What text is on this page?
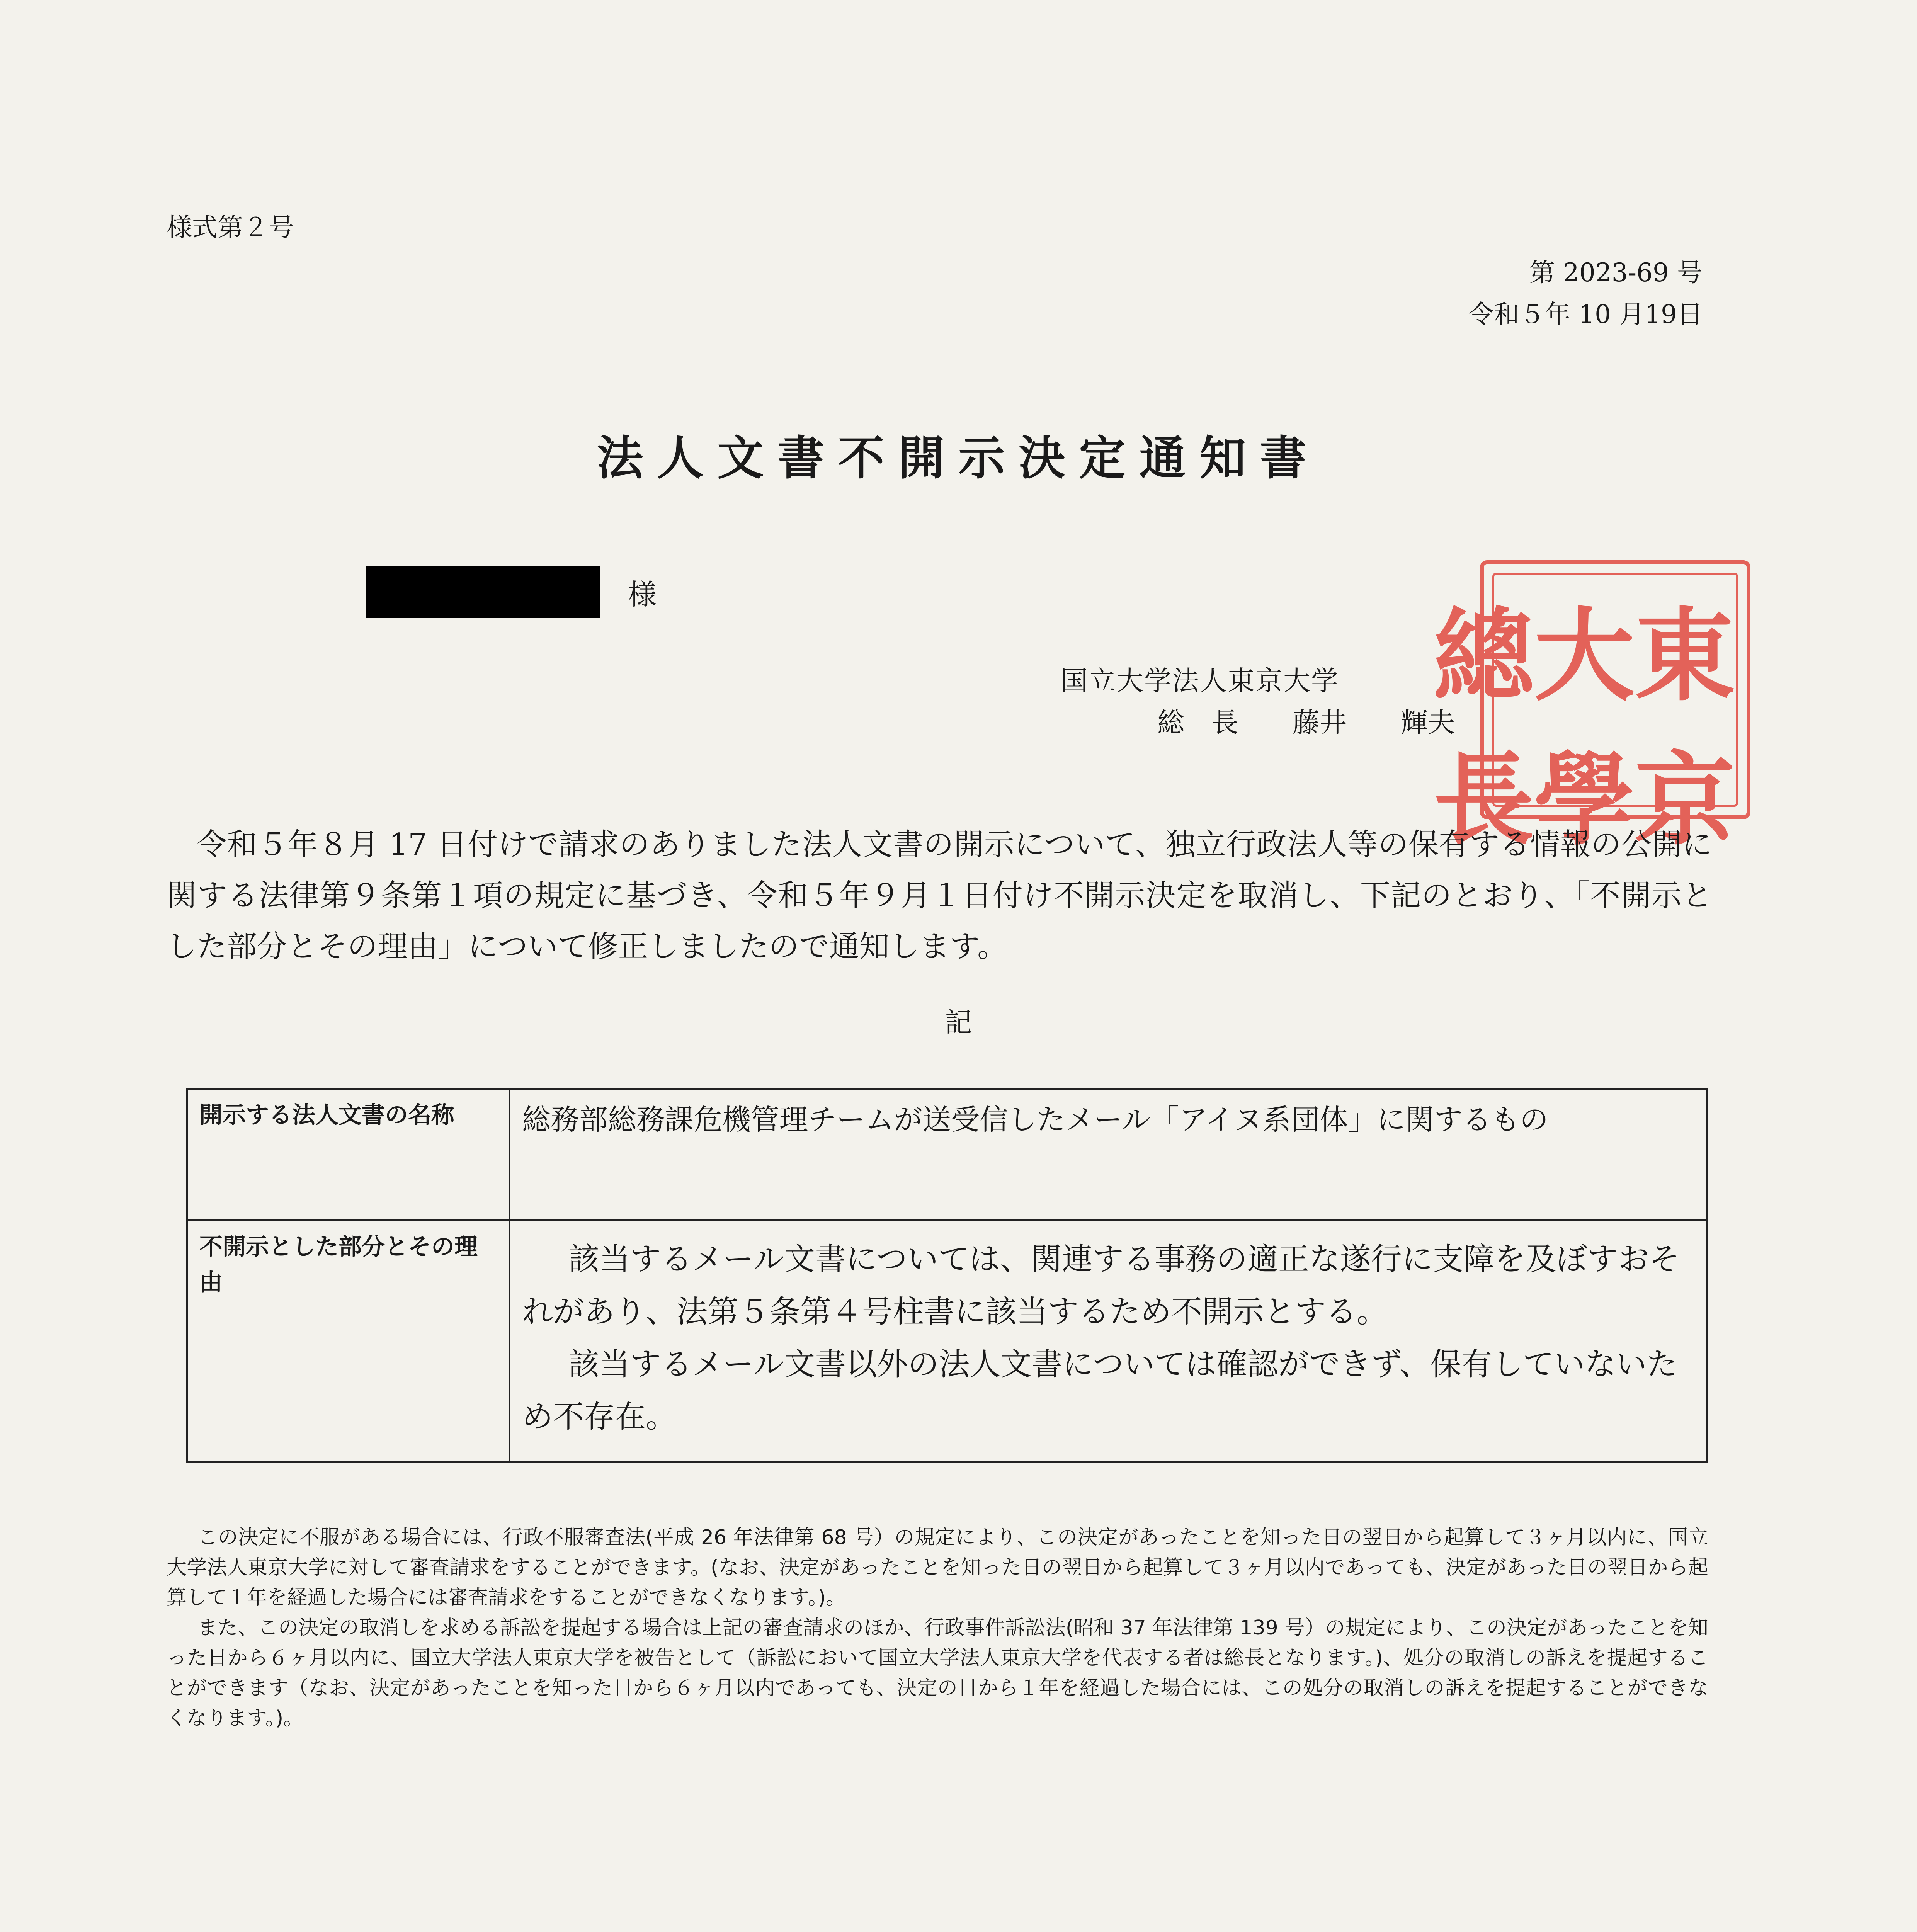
様式第２号
第 2023-69 号
令和５年 10 月19日
法人文書不開示決定通知書
様
国立大学法人東京大学
総　長　　藤井　　輝夫
東
京
大
學
總
長
令和５年８月 17 日付けで請求のありました法人文書の開示について、独立行政法人等の保有する情報の公開に関する法律第９条第１項の規定に基づき、令和５年９月１日付け不開示決定を取消し、下記のとおり、「不開示とした部分とその理由」について修正しましたので通知します。
記
開示する法人文書の名称	総務部総務課危機管理チームが送受信したメール「アイヌ系団体」に関するもの
不開示とした部分とその理由	該当するメール文書については、関連する事務の適正な遂行に支障を及ぼすおそれがあり、法第５条第４号柱書に該当するため不開示とする。

該当するメール文書以外の法人文書については確認ができず、保有していないため不存在。

この決定に不服がある場合には、行政不服審査法(平成 26 年法律第 68 号）の規定により、この決定があったことを知った日の翌日から起算して３ヶ月以内に、国立大学法人東京大学に対して審査請求をすることができます。(なお、決定があったことを知った日の翌日から起算して３ヶ月以内であっても、決定があった日の翌日から起算して１年を経過した場合には審査請求をすることができなくなります。)。

また、この決定の取消しを求める訴訟を提起する場合は上記の審査請求のほか、行政事件訴訟法(昭和 37 年法律第 139 号）の規定により、この決定があったことを知った日から６ヶ月以内に、国立大学法人東京大学を被告として（訴訟において国立大学法人東京大学を代表する者は総長となります。)、処分の取消しの訴えを提起することができます（なお、決定があったことを知った日から６ヶ月以内であっても、決定の日から１年を経過した場合には、この処分の取消しの訴えを提起することができなくなります。)。
